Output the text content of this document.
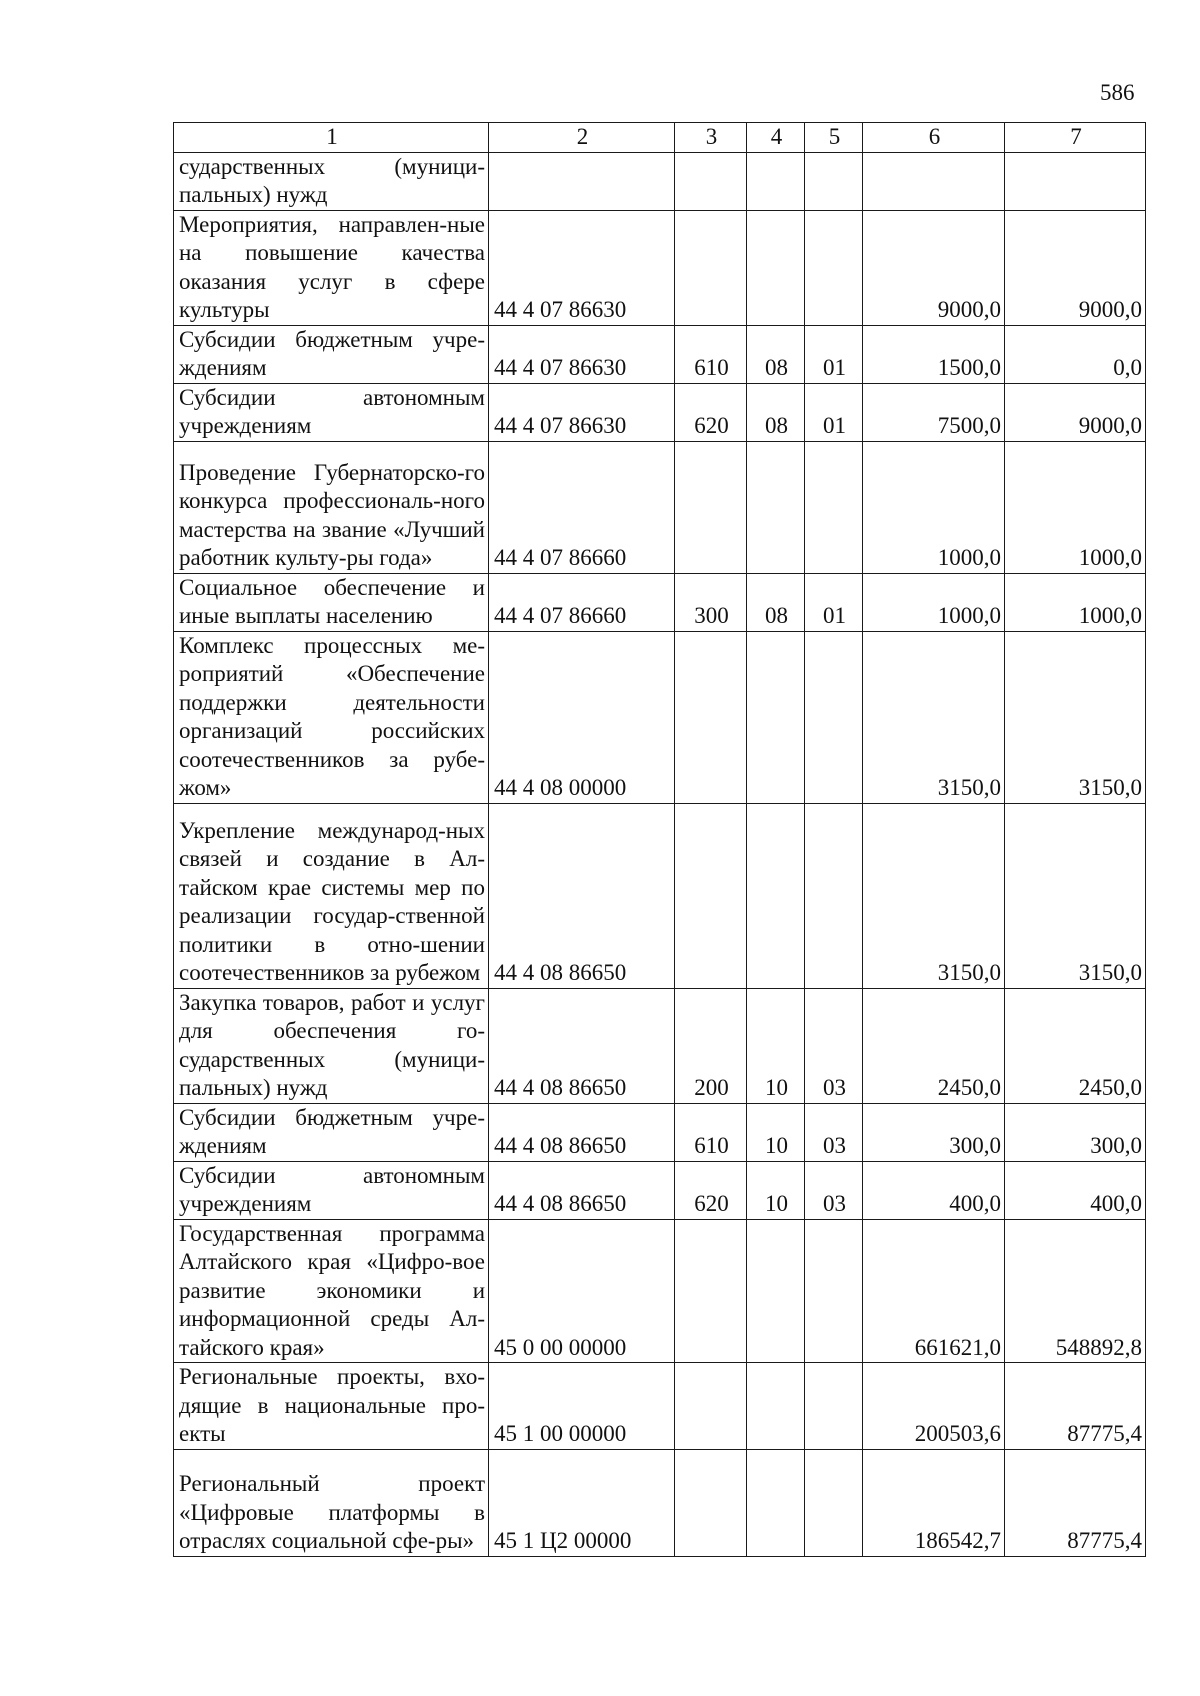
586
1	2	3	4	5	6	7
сударственных (муници-пальных) нужд						
Мероприятия, направлен-ные на повышение качества оказания услуг в сфере культуры	44 4 07 86630				9000,0	9000,0
Субсидии бюджетным учре-ждениям	44 4 07 86630	610	08	01	1500,0	0,0
Субсидии автономным учреждениям	44 4 07 86630	620	08	01	7500,0	9000,0
Проведение Губернаторско-го конкурса профессиональ-ного мастерства на звание «Лучший работник культу-ры года»	44 4 07 86660				1000,0	1000,0
Социальное обеспечение и иные выплаты населению	44 4 07 86660	300	08	01	1000,0	1000,0
Комплекс процессных ме-роприятий «Обеспечение поддержки деятельности организаций российских соотечественников за рубе-жом»	44 4 08 00000				3150,0	3150,0
Укрепление международ-ных связей и создание в Ал-тайском крае системы мер по реализации государ-ственной политики в отно-шении соотечественников за рубежом	44 4 08 86650				3150,0	3150,0
Закупка товаров, работ и услуг для обеспечения го-сударственных (муници-пальных) нужд	44 4 08 86650	200	10	03	2450,0	2450,0
Субсидии бюджетным учре-ждениям	44 4 08 86650	610	10	03	300,0	300,0
Субсидии автономным учреждениям	44 4 08 86650	620	10	03	400,0	400,0
Государственная программа Алтайского края «Цифро-вое развитие экономики и информационной среды Ал-тайского края»	45 0 00 00000				661621,0	548892,8
Региональные проекты, вхо-дящие в национальные про-екты	45 1 00 00000				200503,6	87775,4
Региональный проект «Цифровые платформы в отраслях социальной сфе-ры»	45 1 Ц2 00000				186542,7	87775,4
